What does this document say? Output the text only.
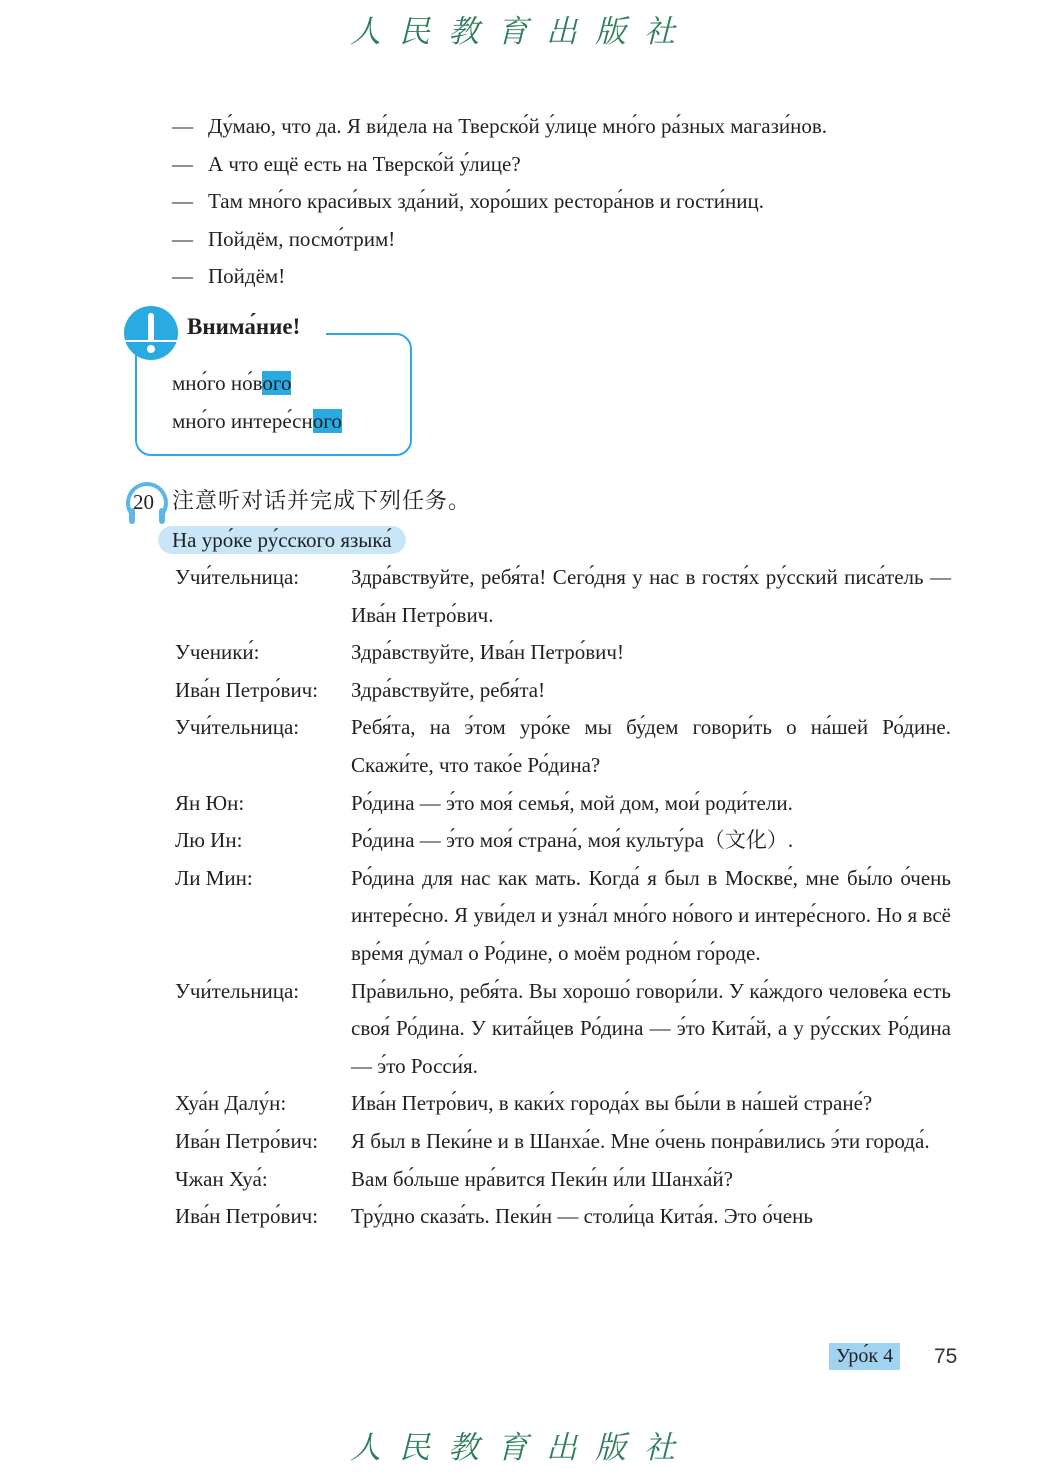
人民教育出版社
— Ду́маю, что да. Я ви́дела на Тверско́й у́лице мно́го ра́зных магази́нов.
— А что ещё есть на Тверско́й у́лице?
— Там мно́го краси́вых зда́ний, хоро́ших рестора́нов и гости́ниц.
— Пойдём, посмо́трим!
— Пойдём!
Внима́ние!
мно́го но́вого
мно́го интере́сного
20 注意听对话并完成下列任务。
На уро́ке ру́сского языка́
Учи́тельница:	Здра́вствуйте, ребя́та! Сего́дня у нас в гостя́х ру́сский писа́тель — Ива́н Петро́вич.
Ученики́:	Здра́вствуйте, Ива́н Петро́вич!
Ива́н Петро́вич:	Здра́вствуйте, ребя́та!
Учи́тельница:	Ребя́та, на э́том уро́ке мы бу́дем говори́ть о на́шей Ро́дине. Скажи́те, что тако́е Ро́дина?
Ян Юн:	Ро́дина — э́то моя́ семья́, мой дом, мои́ роди́тели.
Лю Ин:	Ро́дина — э́то моя́ страна́, моя́ культу́ра（文化）.
Ли Мин:	Ро́дина для нас как мать. Когда́ я был в Москве́, мне бы́ло о́чень интере́сно. Я уви́дел и узна́л мно́го но́вого и интере́сного. Но я всё вре́мя ду́мал о Ро́дине, о моём родно́м го́роде.
Учи́тельница:	Пра́вильно, ребя́та. Вы хорошо́ говори́ли. У ка́ждого челове́ка есть своя́ Ро́дина. У кита́йцев Ро́дина — э́то Кита́й, а у ру́сских Ро́дина — э́то Росси́я.
Хуа́н Далу́н:	Ива́н Петро́вич, в каки́х города́х вы бы́ли в на́шей стране́?
Ива́н Петро́вич:	Я был в Пеки́не и в Шанха́е. Мне о́чень понра́вились э́ти города́.
Чжан Хуа́:	Вам бо́льше нра́вится Пеки́н и́ли Шанха́й?
Ива́н Петро́вич:	Тру́дно сказа́ть. Пеки́н — столи́ца Кита́я. Это о́чень
Уро́к 4	75
人民教育出版社
